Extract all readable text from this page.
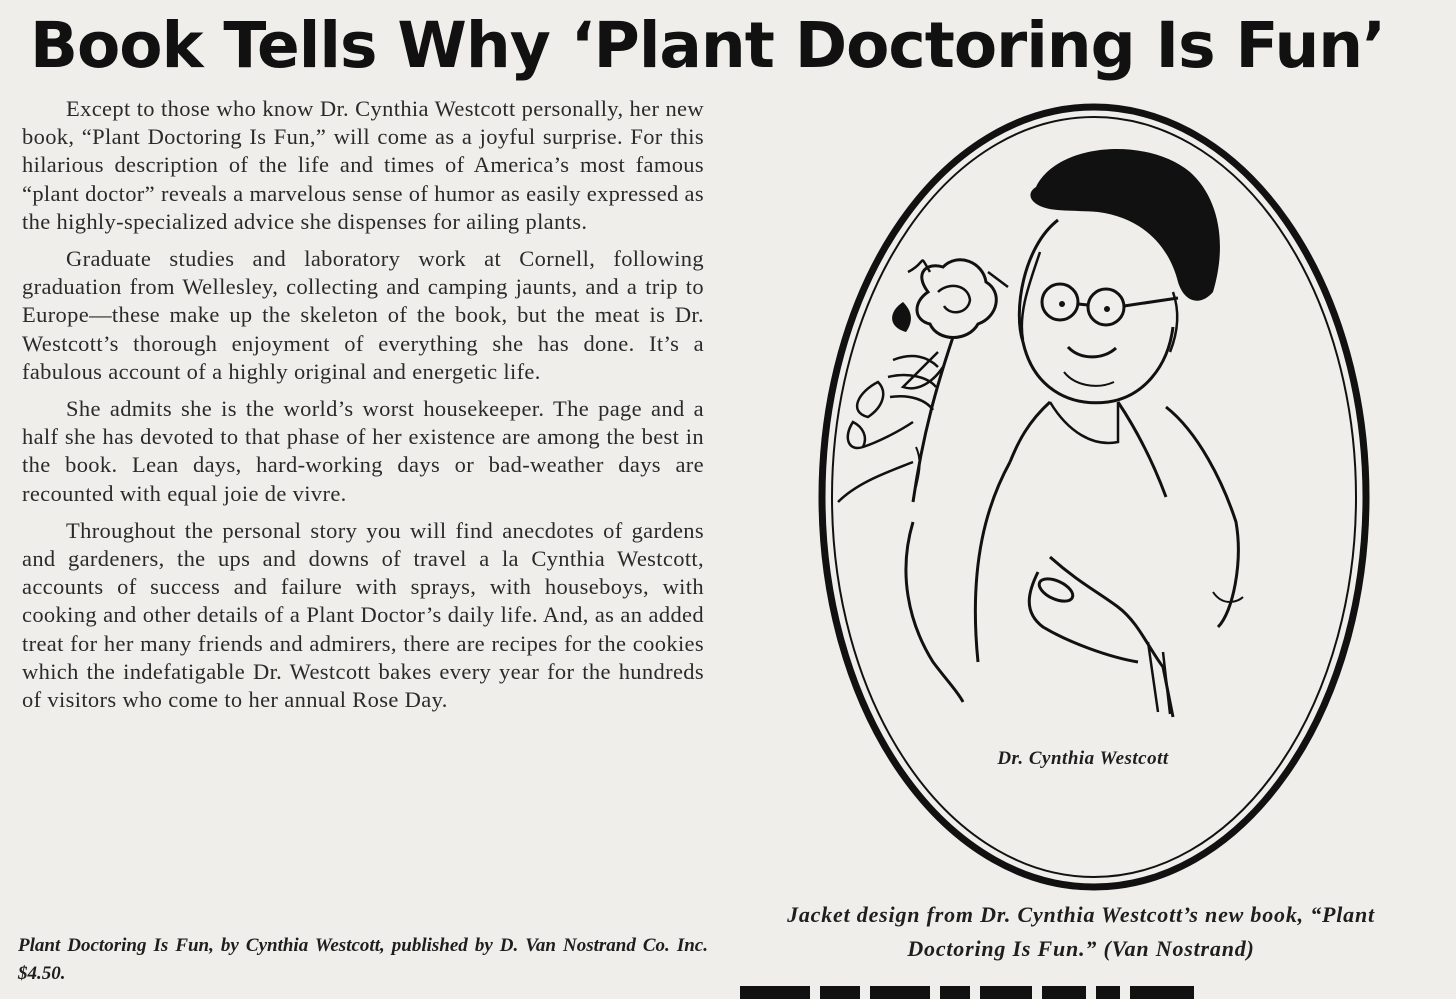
Book Tells Why ‘Plant Doctoring Is Fun’

Except to those who know Dr. Cynthia Westcott personally, her new book, “Plant Doctoring Is Fun,” will come as a joyful surprise. For this hilarious description of the life and times of America’s most famous “plant doctor” reveals a marvelous sense of humor as easily expressed as the highly-specialized advice she dispenses for ailing plants.

Graduate studies and laboratory work at Cornell, following graduation from Wellesley, collecting and camping jaunts, and a trip to Europe—these make up the skeleton of the book, but the meat is Dr. Westcott’s thorough enjoyment of everything she has done. It’s a fabulous account of a highly original and energetic life.

She admits she is the world’s worst housekeeper. The page and a half she has devoted to that phase of her existence are among the best in the book. Lean days, hard-working days or bad-weather days are recounted with equal joie de vivre.

Throughout the personal story you will find anecdotes of gardens and gardeners, the ups and downs of travel a la Cynthia Westcott, accounts of success and failure with sprays, with houseboys, with cooking and other details of a Plant Doctor’s daily life. And, as an added treat for her many friends and admirers, there are recipes for the cookies which the indefatigable Dr. Westcott bakes every year for the hundreds of visitors who come to her annual Rose Day.

Plant Doctoring Is Fun, by Cynthia Westcott, published by D. Van Nostrand Co. Inc. $4.50.
Dr. Cynthia Westcott
Jacket design from Dr. Cynthia Westcott’s new book, “Plant Doctoring Is Fun.” (Van Nostrand)
